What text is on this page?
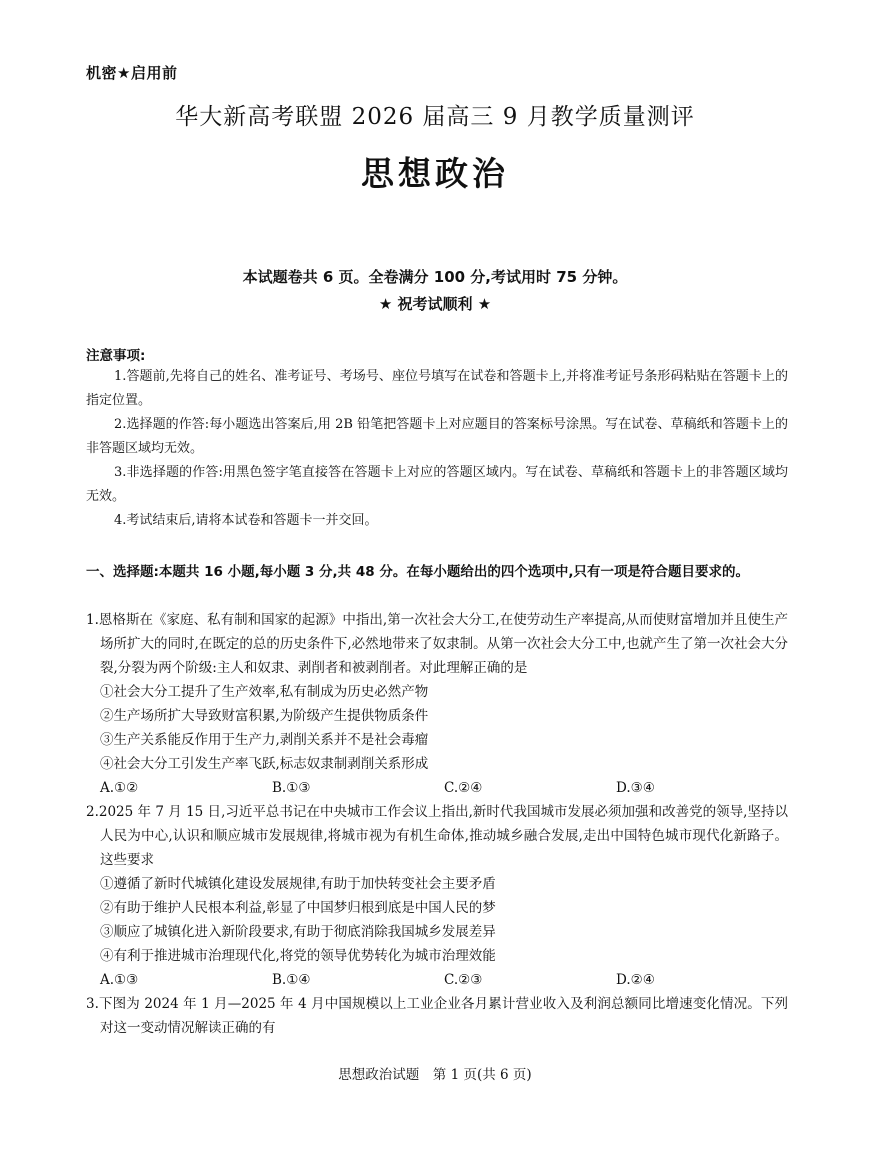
机密★启用前
华大新高考联盟 2026 届高三 9 月教学质量测评
思想政治
本试题卷共 6 页。全卷满分 100 分,考试用时 75 分钟。
★ 祝考试顺利 ★
注意事项:
1.答题前,先将自己的姓名、准考证号、考场号、座位号填写在试卷和答题卡上,并将准考证号条形码粘贴在答题卡上的指定位置。
2.选择题的作答:每小题选出答案后,用 2B 铅笔把答题卡上对应题目的答案标号涂黑。写在试卷、草稿纸和答题卡上的非答题区域均无效。
3.非选择题的作答:用黑色签字笔直接答在答题卡上对应的答题区域内。写在试卷、草稿纸和答题卡上的非答题区域均无效。
4.考试结束后,请将本试卷和答题卡一并交回。
一、选择题:本题共 16 小题,每小题 3 分,共 48 分。在每小题给出的四个选项中,只有一项是符合题目要求的。
1.恩格斯在《家庭、私有制和国家的起源》中指出,第一次社会大分工,在使劳动生产率提高,从而使财富增加并且使生产场所扩大的同时,在既定的总的历史条件下,必然地带来了奴隶制。从第一次社会大分工中,也就产生了第一次社会大分裂,分裂为两个阶级:主人和奴隶、剥削者和被剥削者。对此理解正确的是
①社会大分工提升了生产效率,私有制成为历史必然产物
②生产场所扩大导致财富积累,为阶级产生提供物质条件
③生产关系能反作用于生产力,剥削关系并不是社会毒瘤
④社会大分工引发生产率飞跃,标志奴隶制剥削关系形成
A.①②	B.①③	C.②④	D.③④
2.2025 年 7 月 15 日,习近平总书记在中央城市工作会议上指出,新时代我国城市发展必须加强和改善党的领导,坚持以人民为中心,认识和顺应城市发展规律,将城市视为有机生命体,推动城乡融合发展,走出中国特色城市现代化新路子。这些要求
①遵循了新时代城镇化建设发展规律,有助于加快转变社会主要矛盾
②有助于维护人民根本利益,彰显了中国梦归根到底是中国人民的梦
③顺应了城镇化进入新阶段要求,有助于彻底消除我国城乡发展差异
④有利于推进城市治理现代化,将党的领导优势转化为城市治理效能
A.①③	B.①④	C.②③	D.②④
3.下图为 2024 年 1 月—2025 年 4 月中国规模以上工业企业各月累计营业收入及利润总额同比增速变化情况。下列对这一变动情况解读正确的有
思想政治试题　第 1 页(共 6 页)
